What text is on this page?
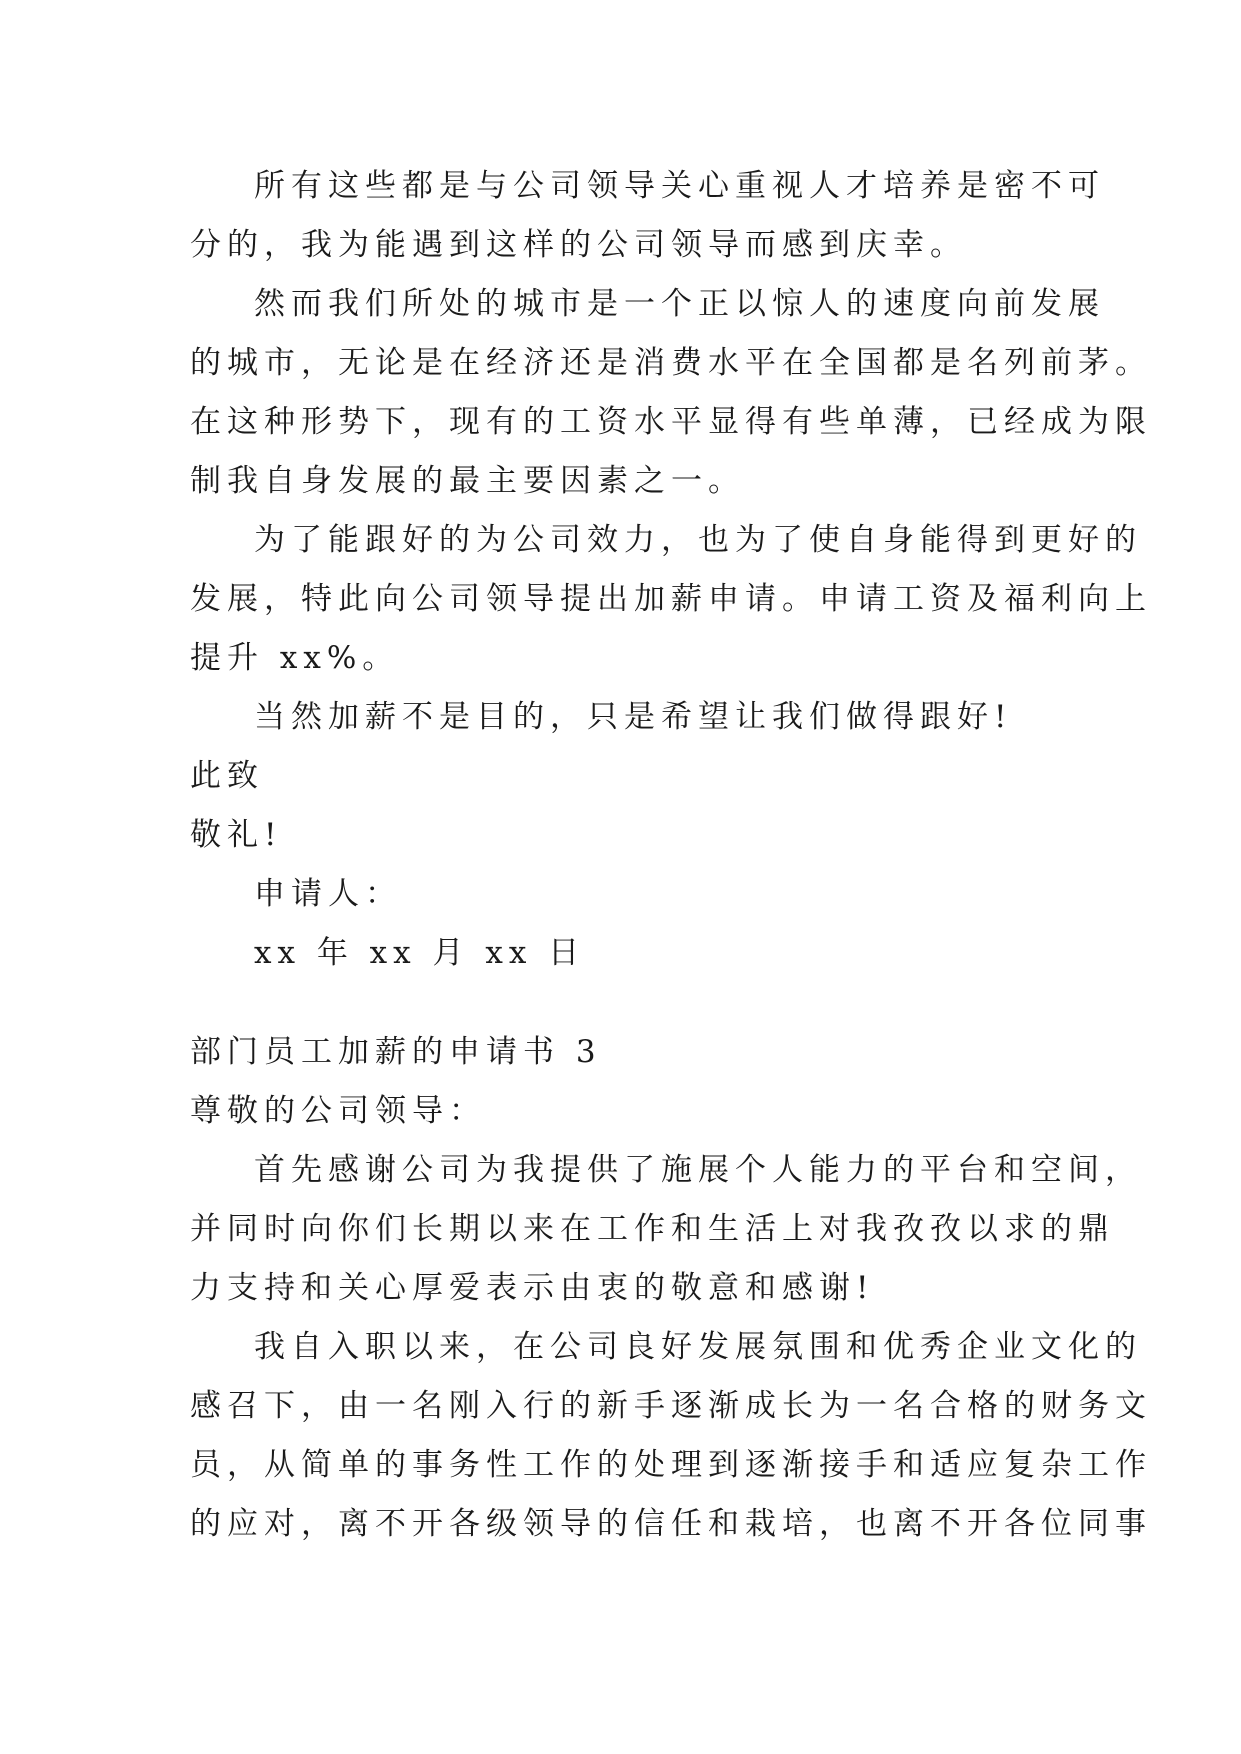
所有这些都是与公司领导关心重视人才培养是密不可
分的，我为能遇到这样的公司领导而感到庆幸。
然而我们所处的城市是一个正以惊人的速度向前发展
的城市，无论是在经济还是消费水平在全国都是名列前茅。
在这种形势下，现有的工资水平显得有些单薄，已经成为限
制我自身发展的最主要因素之一。
为了能跟好的为公司效力，也为了使自身能得到更好的
发展，特此向公司领导提出加薪申请。申请工资及福利向上
提升 xx%。
当然加薪不是目的，只是希望让我们做得跟好!
此致
敬礼!
申请人：
xx 年 xx 月 xx 日
部门员工加薪的申请书 3
尊敬的公司领导：
首先感谢公司为我提供了施展个人能力的平台和空间，
并同时向你们长期以来在工作和生活上对我孜孜以求的鼎
力支持和关心厚爱表示由衷的敬意和感谢!
我自入职以来，在公司良好发展氛围和优秀企业文化的
感召下，由一名刚入行的新手逐渐成长为一名合格的财务文
员，从简单的事务性工作的处理到逐渐接手和适应复杂工作
的应对，离不开各级领导的信任和栽培，也离不开各位同事
